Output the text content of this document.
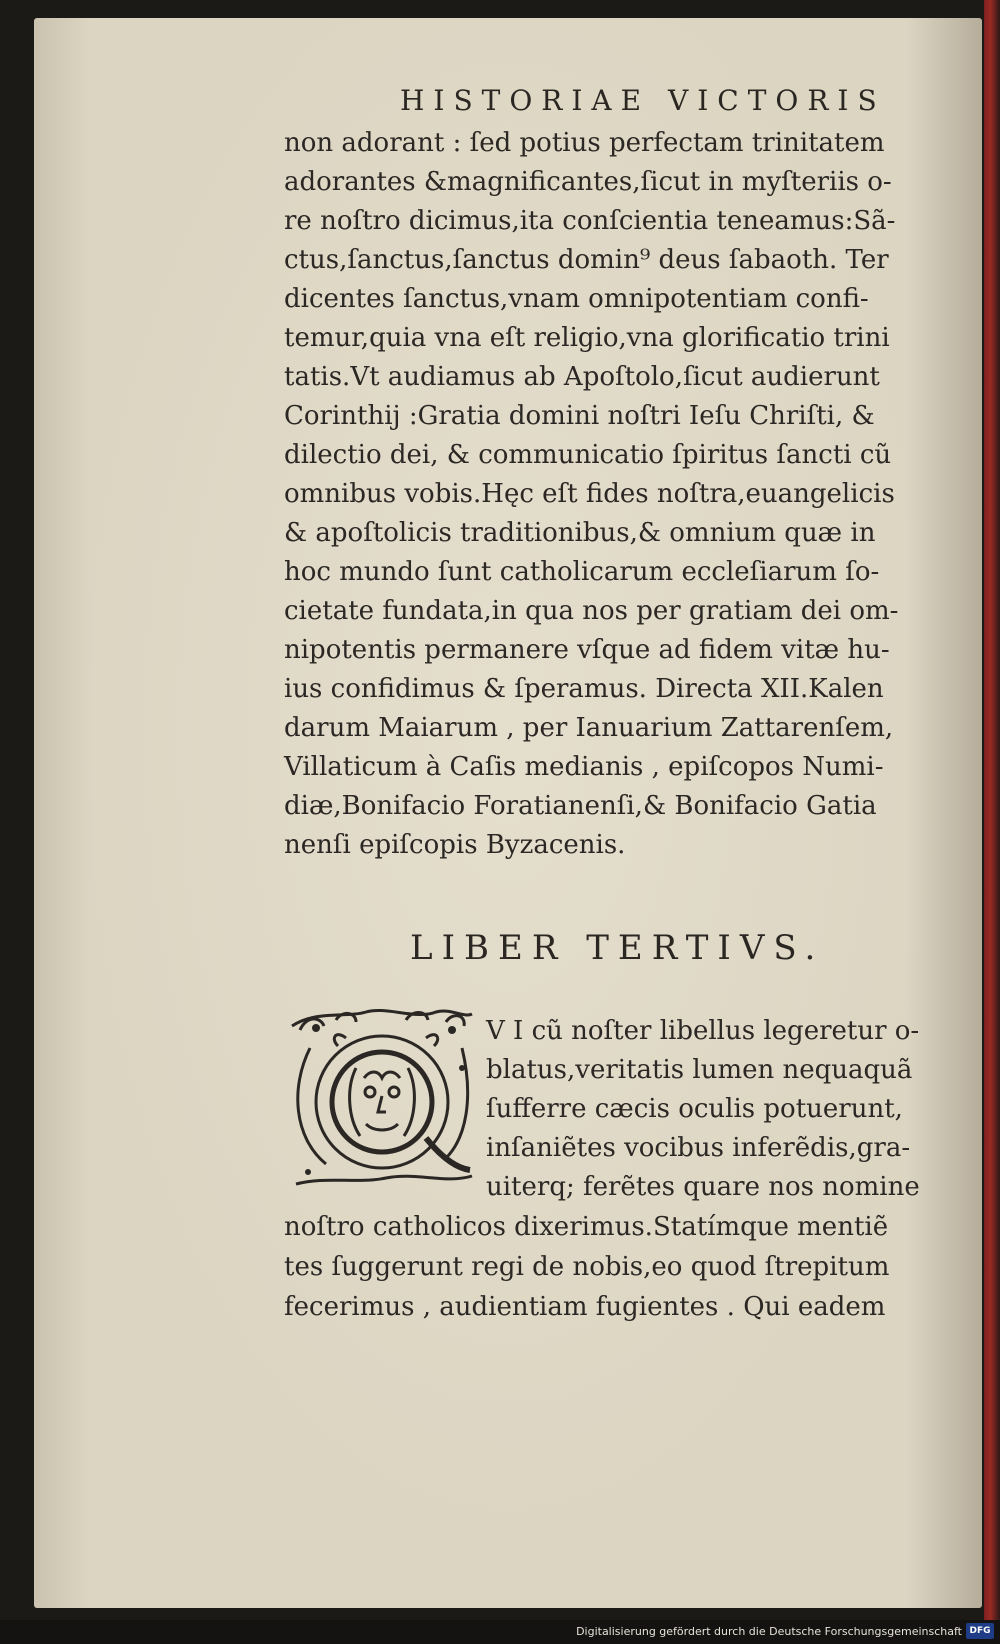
HISTORIAE VICTORIS
non adorant : ſed potius perfectam trinitatem
adorantes &magnificantes,ſicut in myſteriis o-
re noſtro dicimus,ita conſcientia teneamus:Sã-
ctus,ſanctus,ſanctus domin⁹ deus ſabaoth. Ter
dicentes ſanctus,vnam omnipotentiam confi-
temur,quia vna eſt religio,vna glorificatio trini
tatis.Vt audiamus ab Apoſtolo,ſicut audierunt
Corinthij :Gratia domini noſtri Ieſu Chriſti, &
dilectio dei, & communicatio ſpiritus ſancti cũ
omnibus vobis.Hęc eſt fides noſtra,euangelicis
& apoſtolicis traditionibus,& omnium quæ in
hoc mundo ſunt catholicarum eccleſiarum ſo-
cietate fundata,in qua nos per gratiam dei om-
nipotentis permanere vſque ad fidem vitæ hu-
ius confidimus & ſperamus. Directa XII.Kalen
darum Maiarum , per Ianuarium Zattarenſem,
Villaticum à Caſis medianis , epiſcopos Numi-
diæ,Bonifacio Foratianenſi,& Bonifacio Gatia
nenſi epiſcopis Byzacenis.
LIBER TERTIVS.
V I cũ noſter libellus legeretur o-
blatus,veritatis lumen nequaquã
ſufferre cæcis oculis potuerunt,
inſaniẽtes vocibus inferẽdis,gra-
uiterq; ferẽtes quare nos nomine
noſtro catholicos dixerimus.Statímque mentiẽ
tes ſuggerunt regi de nobis,eo quod ſtrepitum
fecerimus , audientiam fugientes . Qui eadem
Digitalisierung gefördert durch die Deutsche Forschungsgemeinschaft DFG
